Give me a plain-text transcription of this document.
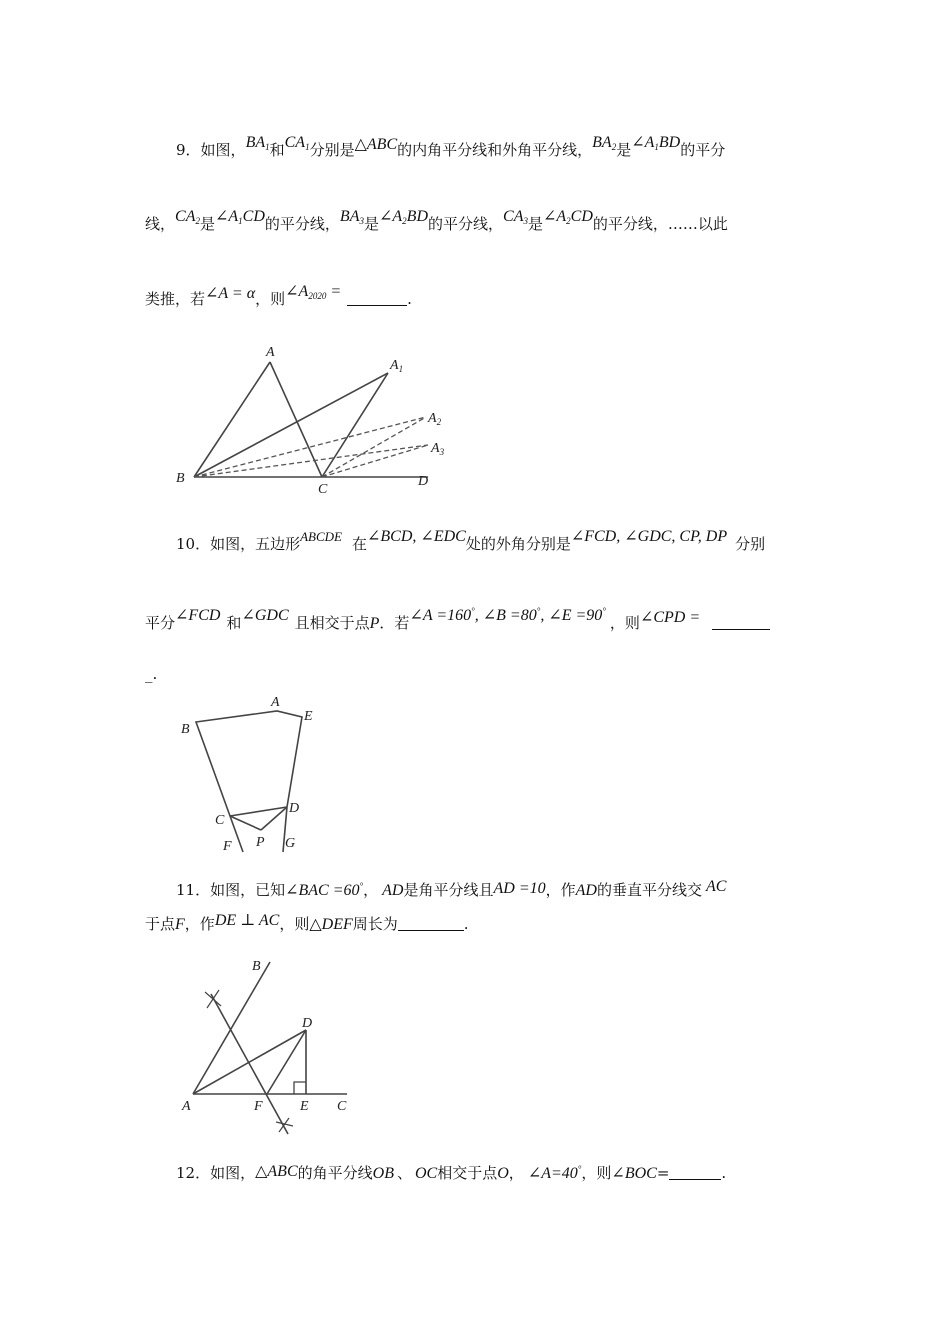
9．如图，$BA_1$和$CA_1$分别是△ABC的内角平分线和外角平分线，$BA_2$是$\angle A_1BD$的平分
线，$CA_2$是$\angle A_1CD$的平分线，$BA_3$是$\angle A_2BD$的平分线，$CA_3$是$\angle A_2CD$的平分线，……以此
类推，若∠A = α，则$\angle A_{2020}$ =	.
A
$A_1$
$A_2$
$A_3$
B
C
D
10．如图，五边形ABCDE 在∠BCD, ∠EDC处的外角分别是∠FCD, ∠GDC, CP, DP 分别
平分∠FCD 和∠GDC 且相交于点P．若∠A =160°, ∠B =80°, ∠E =90°，则∠CPD =
_.
A
B
E
C
D
P
F	G
11．如图，已知∠BAC =60°， AD是角平分线且AD =10，作AD的垂直平分线交 AC
于点F，作DE ⊥ AC，则△DEF周长为	.
B
D
A	F	E C
12．如图，△ABC的角平分线OB 、 OC相交于点O， ∠A=40°，则∠BOC=	.
